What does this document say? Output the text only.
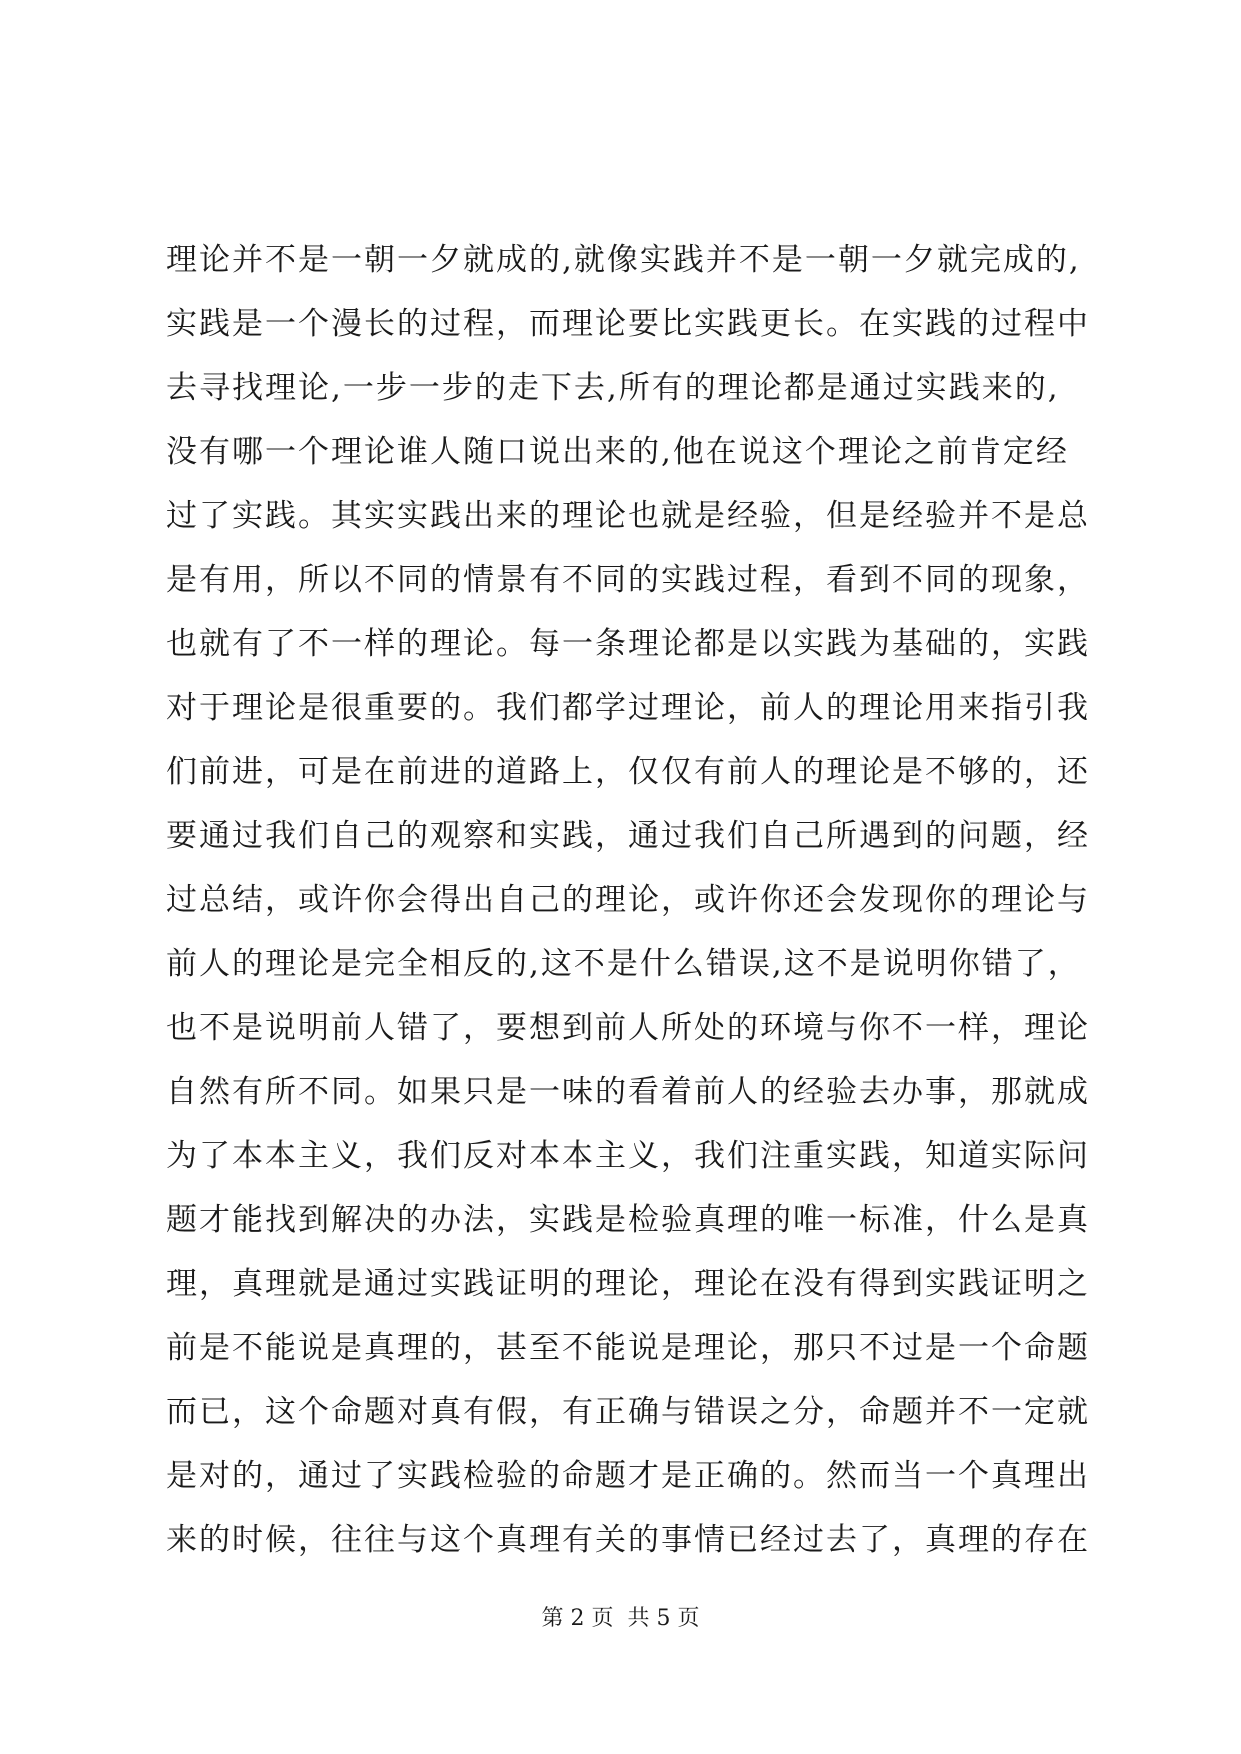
理论并不是一朝一夕就成的,就像实践并不是一朝一夕就完成的,
实践是一个漫长的过程，而理论要比实践更长。在实践的过程中
去寻找理论,一步一步的走下去,所有的理论都是通过实践来的,
没有哪一个理论谁人随口说出来的,他在说这个理论之前肯定经
过了实践。其实实践出来的理论也就是经验，但是经验并不是总
是有用，所以不同的情景有不同的实践过程，看到不同的现象，
也就有了不一样的理论。每一条理论都是以实践为基础的，实践
对于理论是很重要的。我们都学过理论，前人的理论用来指引我
们前进，可是在前进的道路上，仅仅有前人的理论是不够的，还
要通过我们自己的观察和实践，通过我们自己所遇到的问题，经
过总结，或许你会得出自己的理论，或许你还会发现你的理论与
前人的理论是完全相反的,这不是什么错误,这不是说明你错了，
也不是说明前人错了，要想到前人所处的环境与你不一样，理论
自然有所不同。如果只是一味的看着前人的经验去办事，那就成
为了本本主义，我们反对本本主义，我们注重实践，知道实际问
题才能找到解决的办法，实践是检验真理的唯一标准，什么是真
理，真理就是通过实践证明的理论，理论在没有得到实践证明之
前是不能说是真理的，甚至不能说是理论，那只不过是一个命题
而已，这个命题对真有假，有正确与错误之分，命题并不一定就
是对的，通过了实践检验的命题才是正确的。然而当一个真理出
来的时候，往往与这个真理有关的事情已经过去了，真理的存在
第 2 页  共 5 页
